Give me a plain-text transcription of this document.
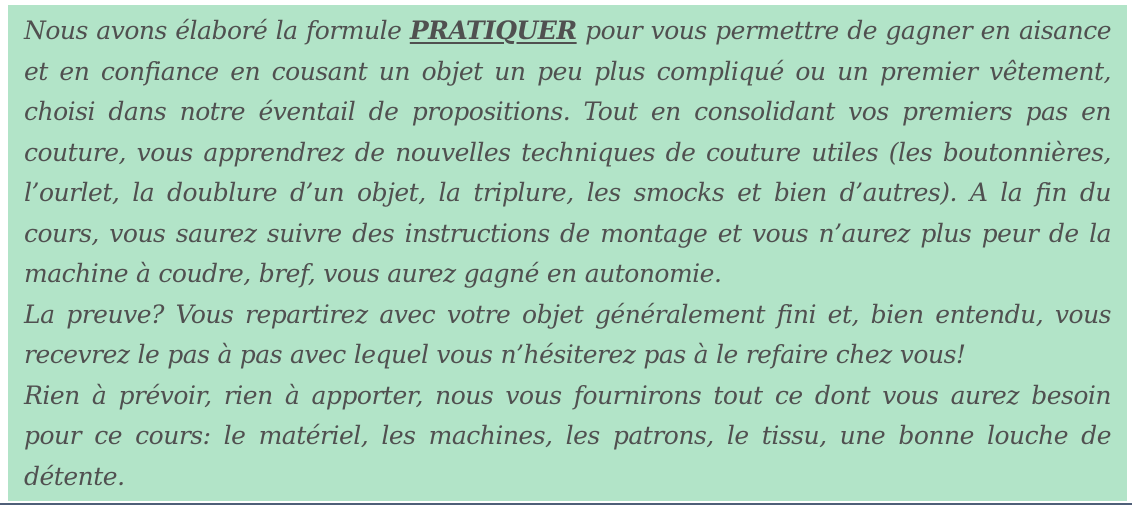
Nous avons élaboré la formule PRATIQUER pour vous permettre de gagner en aisance et en confiance en cousant un objet un peu plus compliqué ou un premier vêtement, choisi dans notre éventail de propositions. Tout en consolidant vos premiers pas en couture, vous apprendrez de nouvelles techniques de couture utiles (les boutonnières, l’ourlet, la doublure d’un objet, la triplure, les smocks et bien d’autres). A la fin du cours, vous saurez suivre des instructions de montage et vous n’aurez plus peur de la machine à coudre, bref, vous aurez gagné en autonomie.

La preuve? Vous repartirez avec votre objet généralement fini et, bien entendu, vous recevrez le pas à pas avec lequel vous n’hésiterez pas à le refaire chez vous!

Rien à prévoir, rien à apporter, nous vous fournirons tout ce dont vous aurez besoin pour ce cours: le matériel, les machines, les patrons, le tissu, une bonne louche de détente.
